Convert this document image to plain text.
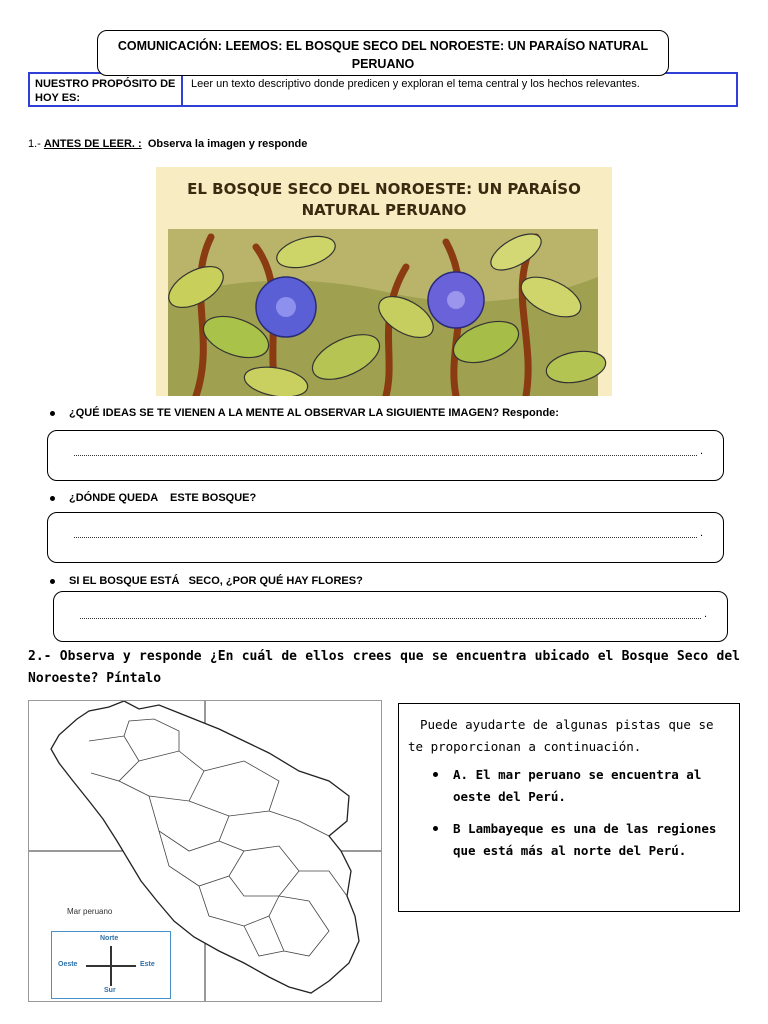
COMUNICACIÓN: LEEMOS: EL BOSQUE SECO DEL NOROESTE: UN PARAÍSO NATURAL PERUANO
NUESTRO PROPÓSITO DE HOY ES:
Leer un texto descriptivo donde predicen y exploran el tema central y los hechos relevantes.
1.- ANTES DE LEER. : Observa la imagen y responde
EL BOSQUE SECO DEL NOROESTE: UN PARAÍSO NATURAL PERUANO
¿QUÉ IDEAS SE TE VIENEN A LA MENTE AL OBSERVAR LA SIGUIENTE IMAGEN? Responde:
.
¿DÓNDE QUEDA    ESTE BOSQUE?
.
SI EL BOSQUE ESTÁ   SECO, ¿POR QUÉ HAY FLORES?
.
2.- Observa y responde ¿En cuál de ellos crees que se encuentra ubicado el Bosque Seco del Noroeste? Píntalo
Mar peruano
Norte
Sur
Este
Oeste
Puede ayudarte de algunas pistas que se te proporcionan a continuación.
A. El mar peruano se encuentra al oeste del Perú.
B Lambayeque es una de las regiones que está más al norte del Perú.
